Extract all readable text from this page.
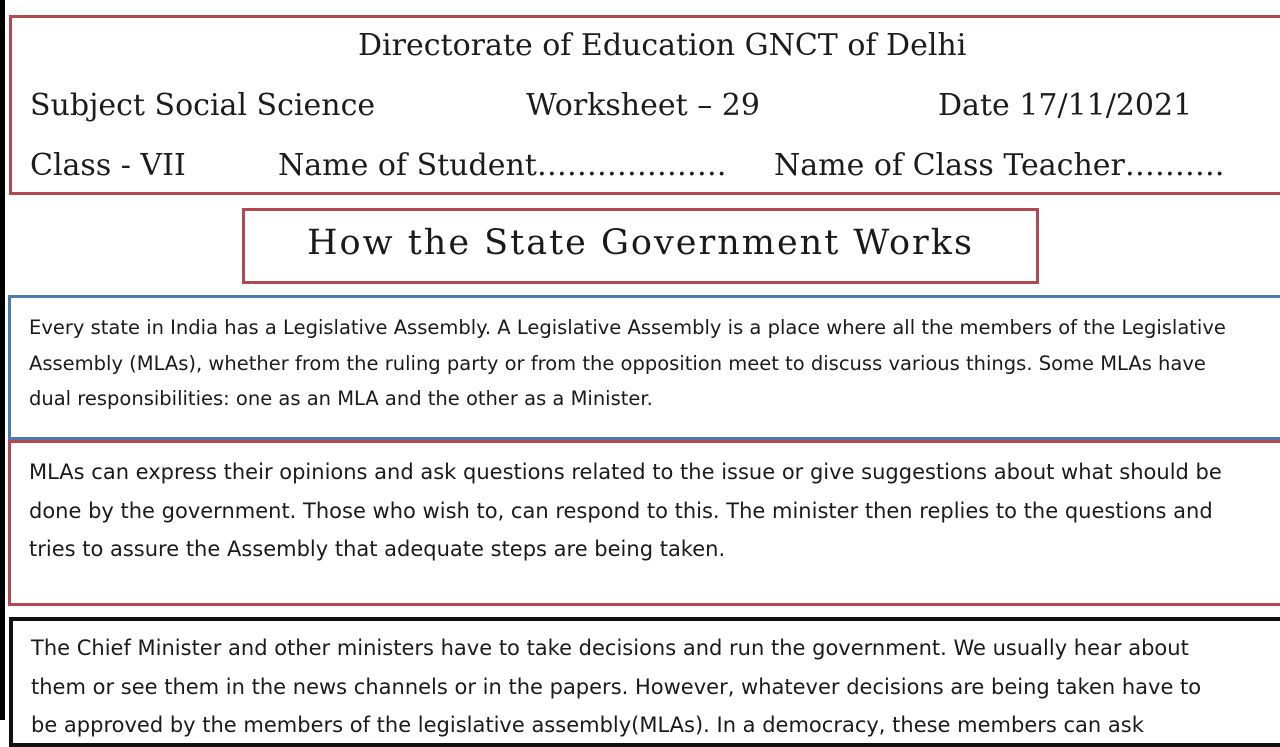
Directorate of Education GNCT of Delhi
Subject Social Science	Worksheet – 29	Date 17/11/2021
Class - VII	Name of Student………………. Name of Class Teacher……….
How the State Government Works

Every state in India has a Legislative Assembly. A Legislative Assembly is a place where all the members of the Legislative
Assembly (MLAs), whether from the ruling party or from the opposition meet to discuss various things. Some MLAs have
dual responsibilities: one as an MLA and the other as a Minister.

MLAs can express their opinions and ask questions related to the issue or give suggestions about what should be
done by the government. Those who wish to, can respond to this. The minister then replies to the questions and
tries to assure the Assembly that adequate steps are being taken.

The Chief Minister and other ministers have to take decisions and run the government. We usually hear about
them or see them in the news channels or in the papers. However, whatever decisions are being taken have to
be approved by the members of the legislative assembly(MLAs). In a democracy, these members can ask
